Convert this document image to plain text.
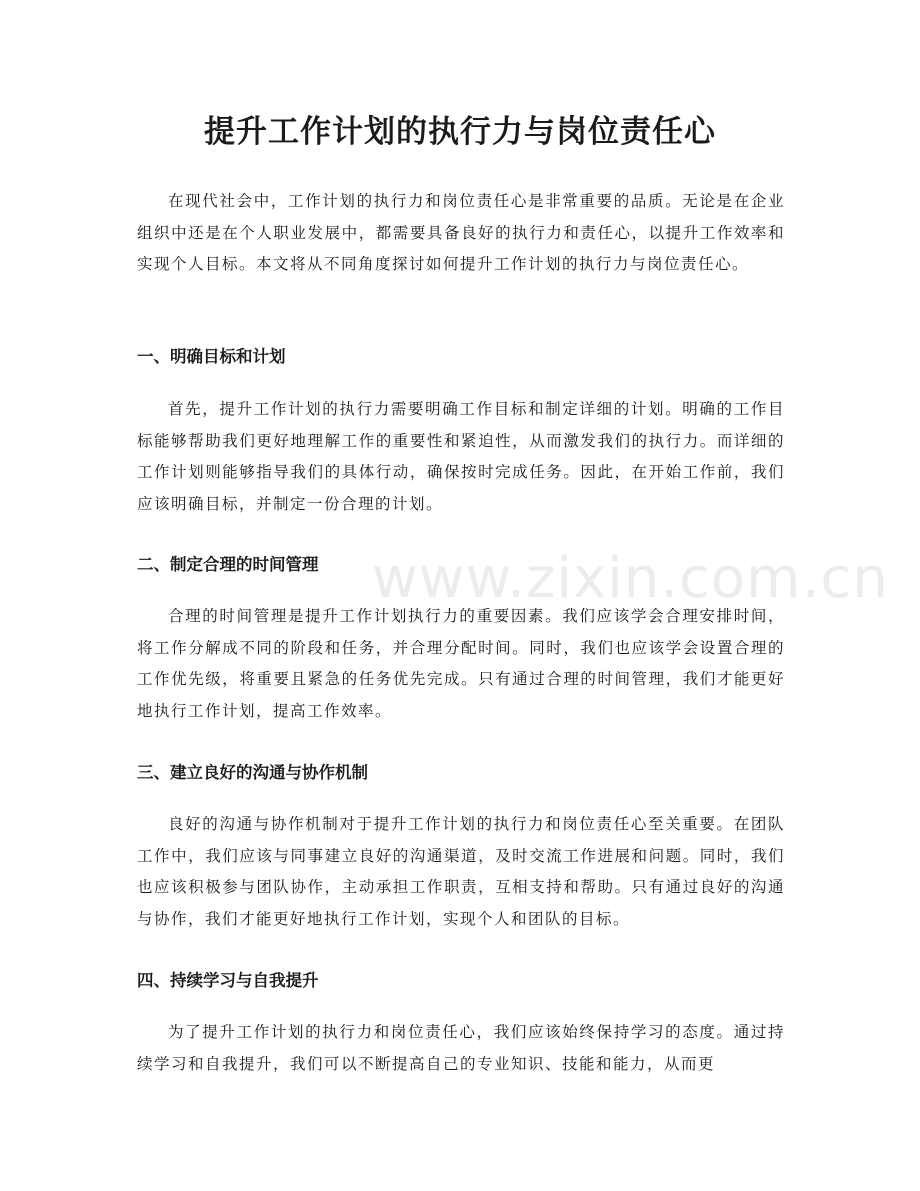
提升工作计划的执行力与岗位责任心

在现代社会中，工作计划的执行力和岗位责任心是非常重要的品质。无论是在企业组织中还是在个人职业发展中，都需要具备良好的执行力和责任心，以提升工作效率和实现个人目标。本文将从不同角度探讨如何提升工作计划的执行力与岗位责任心。

一、明确目标和计划

首先，提升工作计划的执行力需要明确工作目标和制定详细的计划。明确的工作目标能够帮助我们更好地理解工作的重要性和紧迫性，从而激发我们的执行力。而详细的工作计划则能够指导我们的具体行动，确保按时完成任务。因此，在开始工作前，我们应该明确目标，并制定一份合理的计划。

二、制定合理的时间管理

合理的时间管理是提升工作计划执行力的重要因素。我们应该学会合理安排时间，将工作分解成不同的阶段和任务，并合理分配时间。同时，我们也应该学会设置合理的工作优先级，将重要且紧急的任务优先完成。只有通过合理的时间管理，我们才能更好地执行工作计划，提高工作效率。

三、建立良好的沟通与协作机制

良好的沟通与协作机制对于提升工作计划的执行力和岗位责任心至关重要。在团队工作中，我们应该与同事建立良好的沟通渠道，及时交流工作进展和问题。同时，我们也应该积极参与团队协作，主动承担工作职责，互相支持和帮助。只有通过良好的沟通与协作，我们才能更好地执行工作计划，实现个人和团队的目标。

四、持续学习与自我提升

为了提升工作计划的执行力和岗位责任心，我们应该始终保持学习的态度。通过持续学习和自我提升，我们可以不断提高自己的专业知识、技能和能力，从而更

www.zixin.com.cn
